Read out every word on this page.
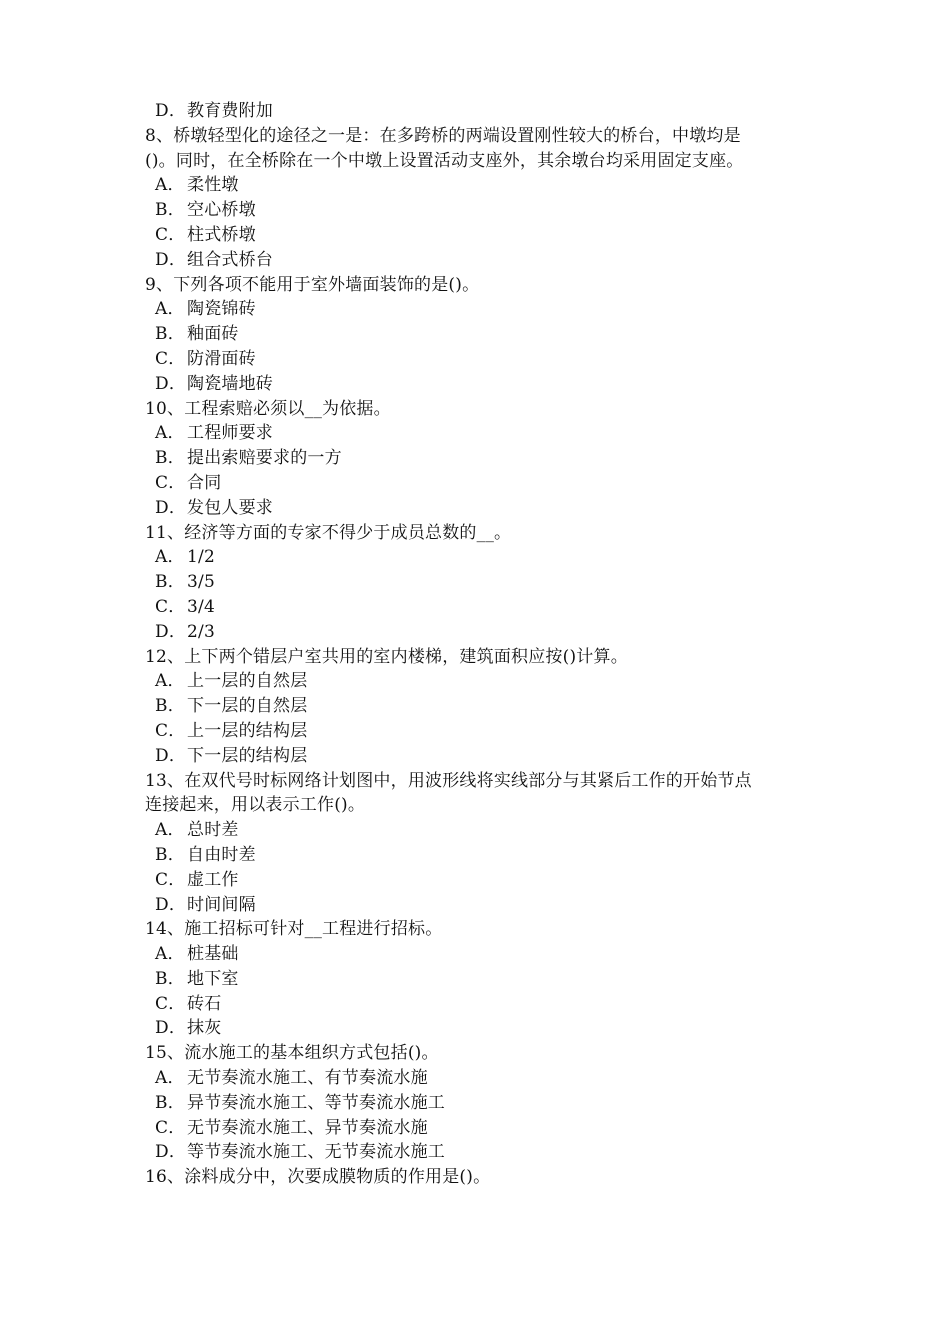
D．教育费附加
8、桥墩轻型化的途径之一是：在多跨桥的两端设置刚性较大的桥台，中墩均是
()。同时，在全桥除在一个中墩上设置活动支座外，其余墩台均采用固定支座。
A． 柔性墩
B． 空心桥墩
C．柱式桥墩
D．组合式桥台
9、下列各项不能用于室外墙面装饰的是()。
A． 陶瓷锦砖
B． 釉面砖
C．防滑面砖
D．陶瓷墙地砖
10、工程索赔必须以__为依据。
A． 工程师要求
B． 提出索赔要求的一方
C．合同
D．发包人要求
11、经济等方面的专家不得少于成员总数的__。
A． 1/2
B． 3/5
C．3/4
D．2/3
12、上下两个错层户室共用的室内楼梯，建筑面积应按()计算。
A． 上一层的自然层
B． 下一层的自然层
C．上一层的结构层
D．下一层的结构层
13、在双代号时标网络计划图中，用波形线将实线部分与其紧后工作的开始节点
连接起来，用以表示工作()。
A． 总时差
B． 自由时差
C．虚工作
D．时间间隔
14、施工招标可针对__工程进行招标。
A． 桩基础
B． 地下室
C．砖石
D．抹灰
15、流水施工的基本组织方式包括()。
A． 无节奏流水施工、有节奏流水施
B． 异节奏流水施工、等节奏流水施工
C．无节奏流水施工、异节奏流水施
D．等节奏流水施工、无节奏流水施工
16、涂料成分中，次要成膜物质的作用是()。
